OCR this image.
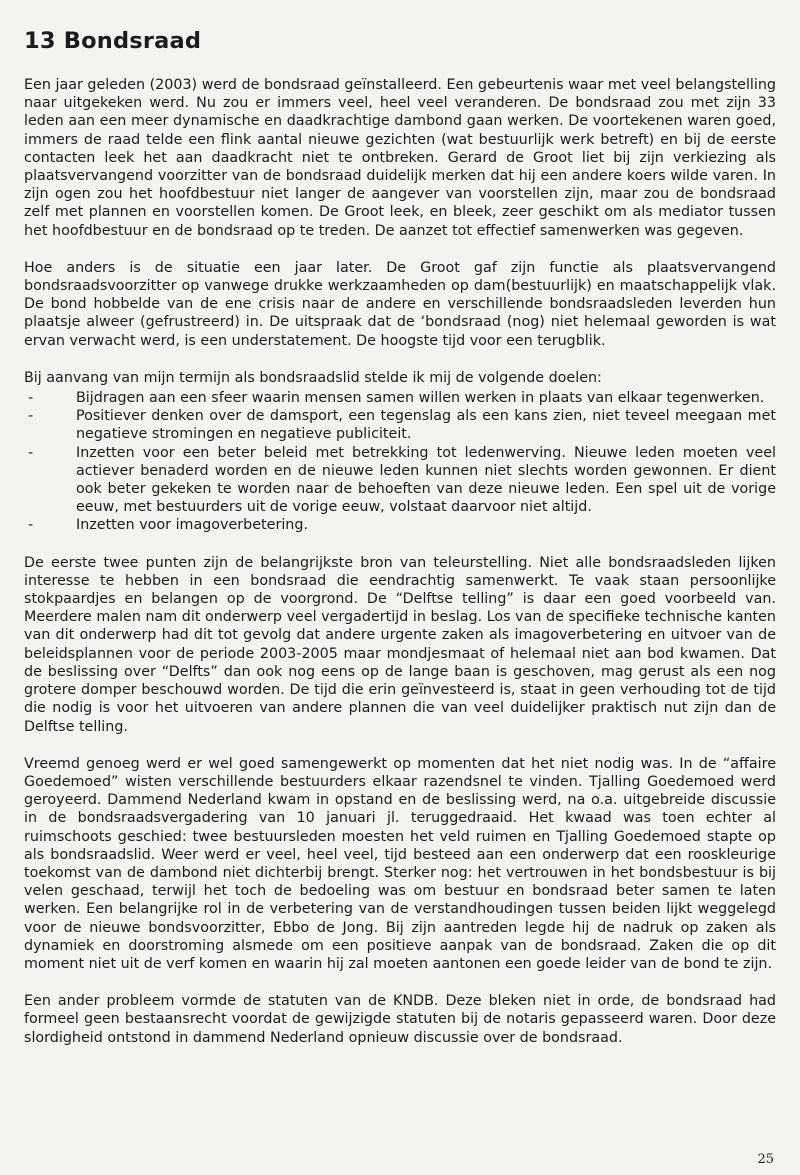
13 Bondsraad

Een jaar geleden (2003) werd de bondsraad geïnstalleerd. Een gebeurtenis waar met veel belangstelling naar uitgekeken werd. Nu zou er immers veel, heel veel veranderen. De bondsraad zou met zijn 33 leden aan een meer dynamische en daadkrachtige dambond gaan werken. De voortekenen waren goed, immers de raad telde een flink aantal nieuwe gezichten (wat bestuurlijk werk betreft) en bij de eerste contacten leek het aan daadkracht niet te ontbreken. Gerard de Groot liet bij zijn verkiezing als plaatsvervangend voorzitter van de bondsraad duidelijk merken dat hij een andere koers wilde varen. In zijn ogen zou het hoofdbestuur niet langer de aangever van voorstellen zijn, maar zou de bondsraad zelf met plannen en voorstellen komen. De Groot leek, en bleek, zeer geschikt om als mediator tussen het hoofdbestuur en de bondsraad op te treden. De aanzet tot effectief samenwerken was gegeven.

Hoe anders is de situatie een jaar later. De Groot gaf zijn functie als plaatsvervangend bondsraadsvoorzitter op vanwege drukke werkzaamheden op dam(bestuurlijk) en maatschappelijk vlak. De bond hobbelde van de ene crisis naar de andere en verschillende bondsraadsleden leverden hun plaatsje alweer (gefrustreerd) in. De uitspraak dat de ‘bondsraad (nog) niet helemaal geworden is wat ervan verwacht werd, is een understatement. De hoogste tijd voor een terugblik.

Bij aanvang van mijn termijn als bondsraadslid stelde ik mij de volgende doelen:

-	Bijdragen aan een sfeer waarin mensen samen willen werken in plaats van elkaar tegenwerken.
-	Positiever denken over de damsport, een tegenslag als een kans zien, niet teveel meegaan met negatieve stromingen en negatieve publiciteit.
-	Inzetten voor een beter beleid met betrekking tot ledenwerving. Nieuwe leden moeten veel actiever benaderd worden en de nieuwe leden kunnen niet slechts worden gewonnen. Er dient ook beter gekeken te worden naar de behoeften van deze nieuwe leden. Een spel uit de vorige eeuw, met bestuurders uit de vorige eeuw, volstaat daarvoor niet altijd.
-	Inzetten voor imagoverbetering.

De eerste twee punten zijn de belangrijkste bron van teleurstelling. Niet alle bondsraadsleden lijken interesse te hebben in een bondsraad die eendrachtig samenwerkt. Te vaak staan persoonlijke stokpaardjes en belangen op de voorgrond. De “Delftse telling” is daar een goed voorbeeld van. Meerdere malen nam dit onderwerp veel vergadertijd in beslag. Los van de specifieke technische kanten van dit onderwerp had dit tot gevolg dat andere urgente zaken als imagoverbetering en uitvoer van de beleidsplannen voor de periode 2003-2005 maar mondjesmaat of helemaal niet aan bod kwamen. Dat de beslissing over “Delfts” dan ook nog eens op de lange baan is geschoven, mag gerust als een nog grotere domper beschouwd worden. De tijd die erin geïnvesteerd is, staat in geen verhouding tot de tijd die nodig is voor het uitvoeren van andere plannen die van veel duidelijker praktisch nut zijn dan de Delftse telling.

Vreemd genoeg werd er wel goed samengewerkt op momenten dat het niet nodig was. In de “affaire Goedemoed” wisten verschillende bestuurders elkaar razendsnel te vinden. Tjalling Goedemoed werd geroyeerd. Dammend Nederland kwam in opstand en de beslissing werd, na o.a. uitgebreide discussie in de bondsraadsvergadering van 10 januari jl. teruggedraaid. Het kwaad was toen echter al ruimschoots geschied: twee bestuursleden moesten het veld ruimen en Tjalling Goedemoed stapte op als bondsraadslid. Weer werd er veel, heel veel, tijd besteed aan een onderwerp dat een rooskleurige toekomst van de dambond niet dichterbij brengt. Sterker nog: het vertrouwen in het bondsbestuur is bij velen geschaad, terwijl het toch de bedoeling was om bestuur en bondsraad beter samen te laten werken. Een belangrijke rol in de verbetering van de verstandhoudingen tussen beiden lijkt weggelegd voor de nieuwe bondsvoorzitter, Ebbo de Jong. Bij zijn aantreden legde hij de nadruk op zaken als dynamiek en doorstroming alsmede om een positieve aanpak van de bondsraad. Zaken die op dit moment niet uit de verf komen en waarin hij zal moeten aantonen een goede leider van de bond te zijn.

Een ander probleem vormde de statuten van de KNDB. Deze bleken niet in orde, de bondsraad had formeel geen bestaansrecht voordat de gewijzigde statuten bij de notaris gepasseerd waren. Door deze slordigheid ontstond in dammend Nederland opnieuw discussie over de bondsraad.

25
